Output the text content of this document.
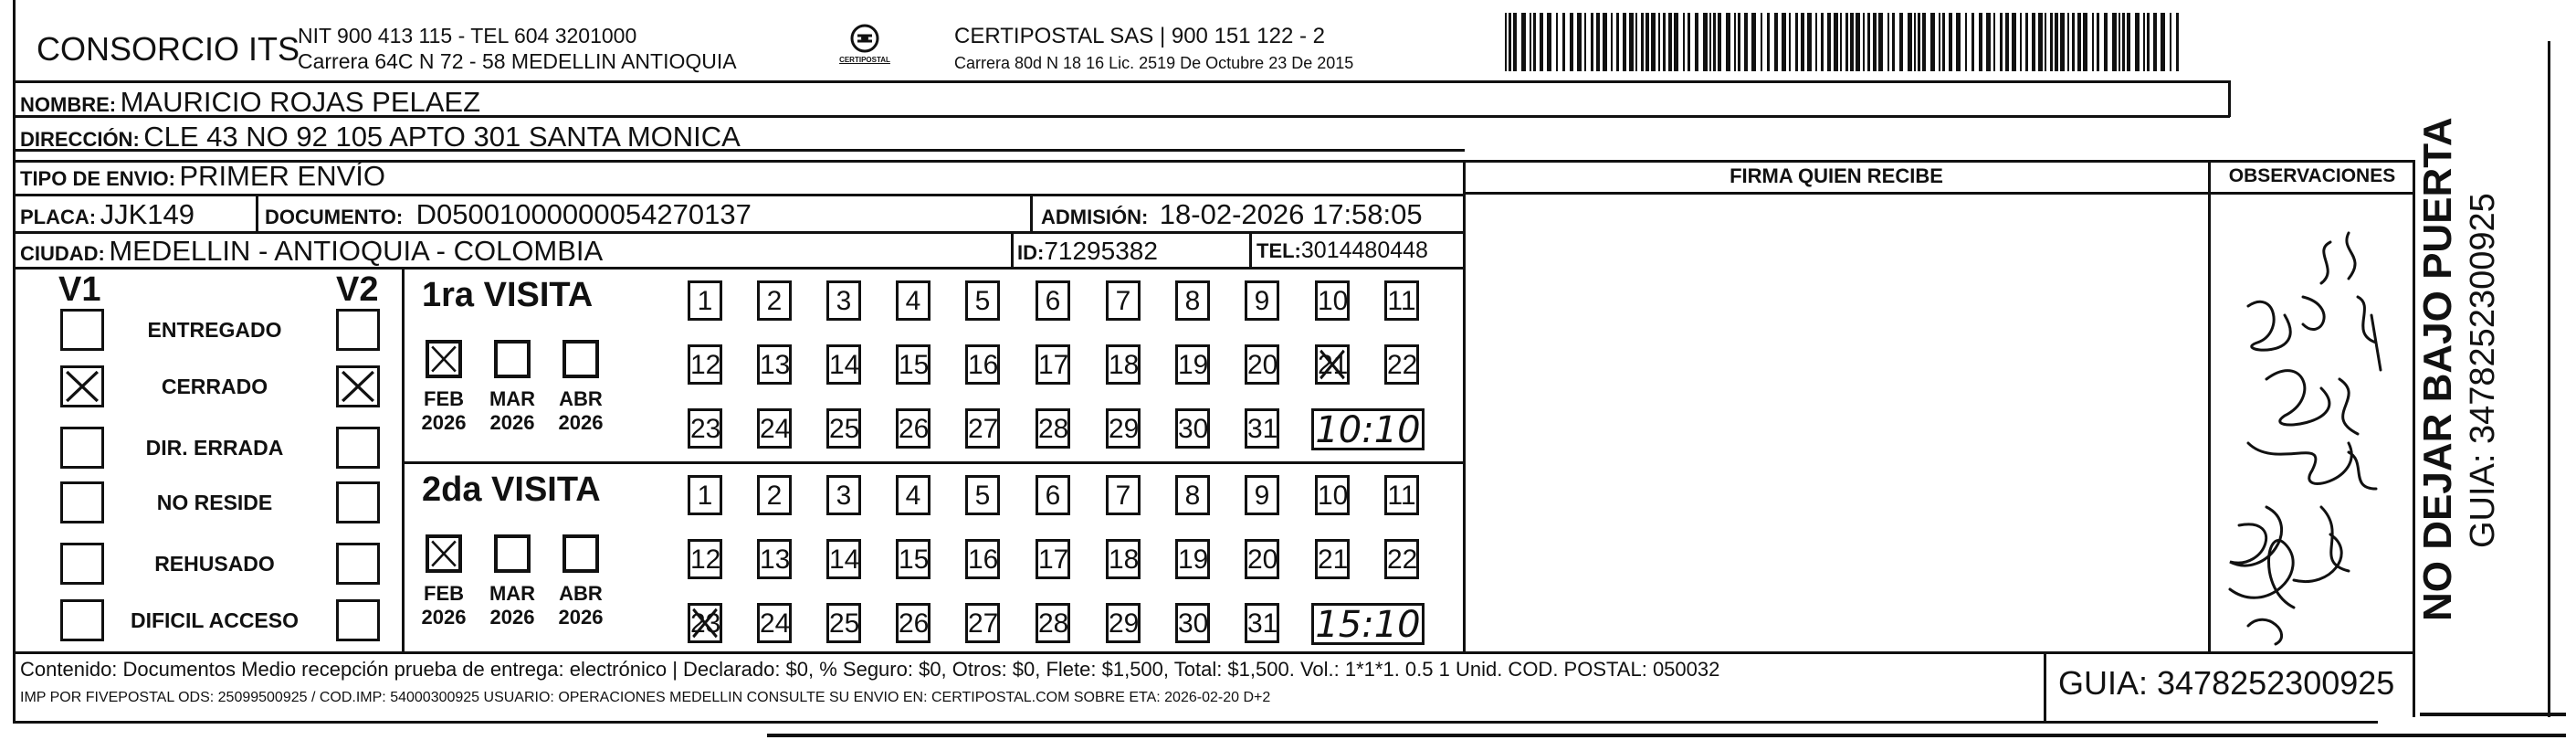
CONSORCIO ITS
NIT 900 413 115 - TEL 604 3201000
Carrera 64C N 72 - 58 MEDELLIN ANTIOQUIA	CERTIPOSTAL
CERTIPOSTAL SAS | 900 151 122 - 2
Carrera 80d N 18 16 Lic. 2519 De Octubre 23 De 2015
NOMBRE: MAURICIO ROJAS PELAEZ
DIRECCIÓN: CLE 43 NO 92 105 APTO 301 SANTA MONICA
TIPO DE ENVIO: PRIMER ENVÍO
PLACA: JJK149	DOCUMENTO: D05001000000054270137	ADMISIÓN: 18-02-2026 17:58:05
CIUDAD: MEDELLIN - ANTIOQUIA - COLOMBIA	ID:71295382	TEL:3014480448
FIRMA QUIEN RECIBE	OBSERVACIONES
V1	V2
ENTREGADO
CERRADO
DIR. ERRADA
NO RESIDE
REHUSADO
DIFICIL ACCESO
1ra VISITA
FEB
2026
MAR
2026
ABR
2026
1	2	3	4	5	6	7	8	9	10 11
12 13 14 15 16 17 18 19 20 21 22
23 24 25 26 27 28 29 30 31 10:10
2da VISITA
FEB
2026
MAR
2026
ABR
2026
1	2	3	4	5	6	7	8	9	10 11
12 13 14 15 16 17 18 19 20 21 22
23 24 25 26 27 28 29 30 31 15:10
NO DEJAR BAJO PUERTA GUIA: 3478252300925
Contenido: Documentos Medio recepción prueba de entrega: electrónico | Declarado: $0, % Seguro: $0, Otros: $0, Flete: $1,500, Total: $1,500. Vol.: 1*1*1. 0.5 1 Unid. COD. POSTAL: 050032
IMP POR FIVEPOSTAL ODS: 25099500925 / COD.IMP: 54000300925 USUARIO: OPERACIONES MEDELLIN CONSULTE SU ENVIO EN: CERTIPOSTAL.COM SOBRE ETA: 2026-02-20 D+2	GUIA: 3478252300925
